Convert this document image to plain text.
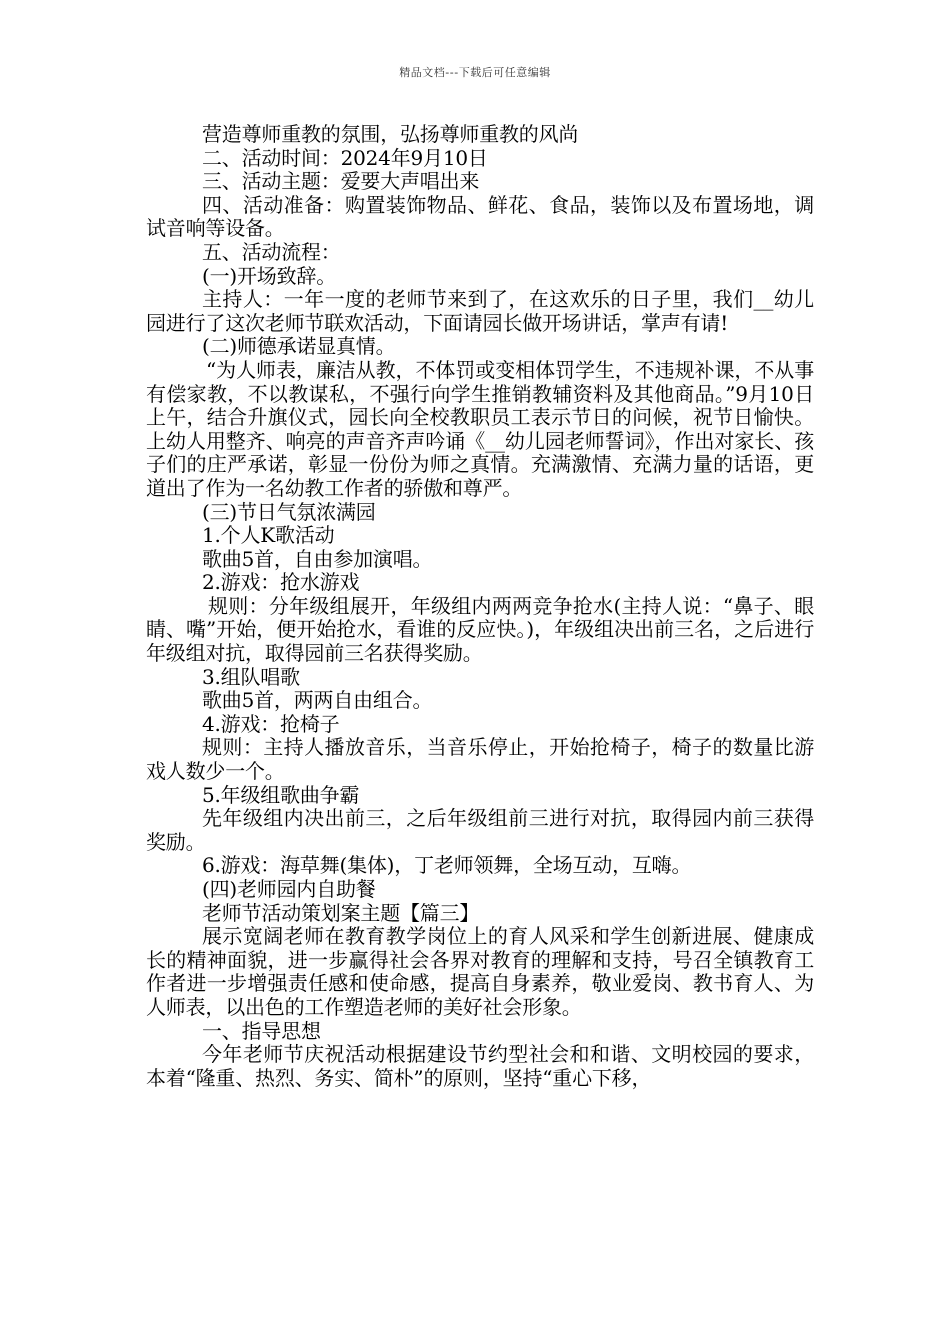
精品文档---下载后可任意编辑

营造尊师重教的氛围，弘扬尊师重教的风尚

二、活动时间：2024年9月10日

三、活动主题：爱要大声唱出来

四、活动准备：购置装饰物品、鲜花、食品，装饰以及布置场地，调试音响等设备。

五、活动流程：

(一)开场致辞。

主持人：一年一度的老师节来到了，在这欢乐的日子里，我们__幼儿园进行了这次老师节联欢活动，下面请园长做开场讲话，掌声有请!

(二)师德承诺显真情。

“为人师表，廉洁从教，不体罚或变相体罚学生，不违规补课，不从事有偿家教，不以教谋私，不强行向学生推销教辅资料及其他商品。”9月10日上午，结合升旗仪式，园长向全校教职员工表示节日的问候，祝节日愉快。上幼人用整齐、响亮的声音齐声吟诵《__幼儿园老师誓词》，作出对家长、孩子们的庄严承诺，彰显一份份为师之真情。充满激情、充满力量的话语，更道出了作为一名幼教工作者的骄傲和尊严。

(三)节日气氛浓满园

1.个人K歌活动

歌曲5首，自由参加演唱。

2.游戏：抢水游戏

规则：分年级组展开，年级组内两两竞争抢水(主持人说：“鼻子、眼睛、嘴”开始，便开始抢水，看谁的反应快。)，年级组决出前三名，之后进行年级组对抗，取得园前三名获得奖励。

3.组队唱歌

歌曲5首，两两自由组合。

4.游戏：抢椅子

规则：主持人播放音乐，当音乐停止，开始抢椅子，椅子的数量比游戏人数少一个。

5.年级组歌曲争霸

先年级组内决出前三，之后年级组前三进行对抗，取得园内前三获得奖励。

6.游戏：海草舞(集体)，丁老师领舞，全场互动，互嗨。

(四)老师园内自助餐

老师节活动策划案主题【篇三】

展示宽阔老师在教育教学岗位上的育人风采和学生创新进展、健康成长的精神面貌，进一步赢得社会各界对教育的理解和支持，号召全镇教育工作者进一步增强责任感和使命感，提高自身素养，敬业爱岗、教书育人、为人师表，以出色的工作塑造老师的美好社会形象。

一、指导思想

今年老师节庆祝活动根据建设节约型社会和和谐、文明校园的要求，本着“隆重、热烈、务实、简朴”的原则，坚持“重心下移，
